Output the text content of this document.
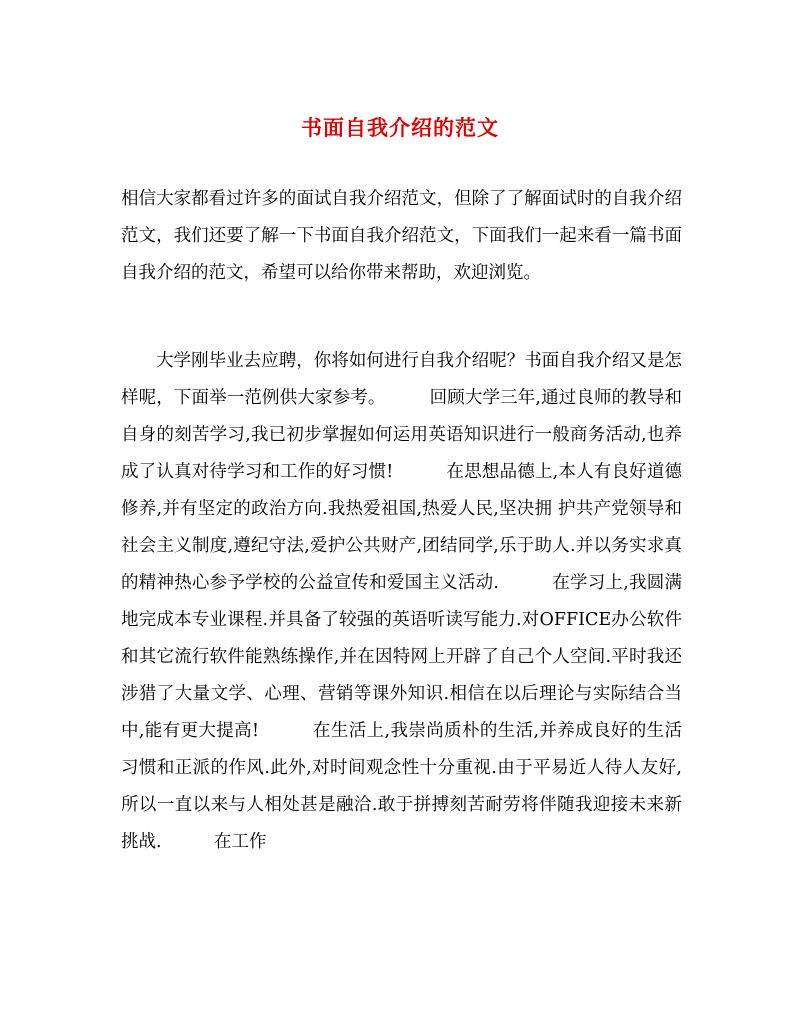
书面自我介绍的范文

相信大家都看过许多的面试自我介绍范文，但除了了解面试时的自我介绍范文，我们还要了解一下书面自我介绍范文，下面我们一起来看一篇书面自我介绍的范文，希望可以给你带来帮助，欢迎浏览。

大学刚毕业去应聘，你将如何进行自我介绍呢？书面自我介绍又是怎样呢，下面举一范例供大家参考。　　　回顾大学三年,通过良师的教导和自身的刻苦学习,我已初步掌握如何运用英语知识进行一般商务活动,也养成了认真对待学习和工作的好习惯!　　　在思想品德上,本人有良好道德修养,并有坚定的政治方向.我热爱祖国,热爱人民,坚决拥 护共产党领导和社会主义制度,遵纪守法,爱护公共财产,团结同学,乐于助人.并以务实求真的精神热心参予学校的公益宣传和爱国主义活动.　　　在学习上,我圆满地完成本专业课程.并具备了较强的英语听读写能力.对OFFICE办公软件和其它流行软件能熟练操作,并在因特网上开辟了自己个人空间.平时我还涉猎了大量文学、心理、营销等课外知识.相信在以后理论与实际结合当中,能有更大提高!　　　在生活上,我崇尚质朴的生活,并养成良好的生活习惯和正派的作风.此外,对时间观念性十分重视.由于平易近人待人友好,所以一直以来与人相处甚是融洽.敢于拼搏刻苦耐劳将伴随我迎接未来新挑战.　　　在工作
